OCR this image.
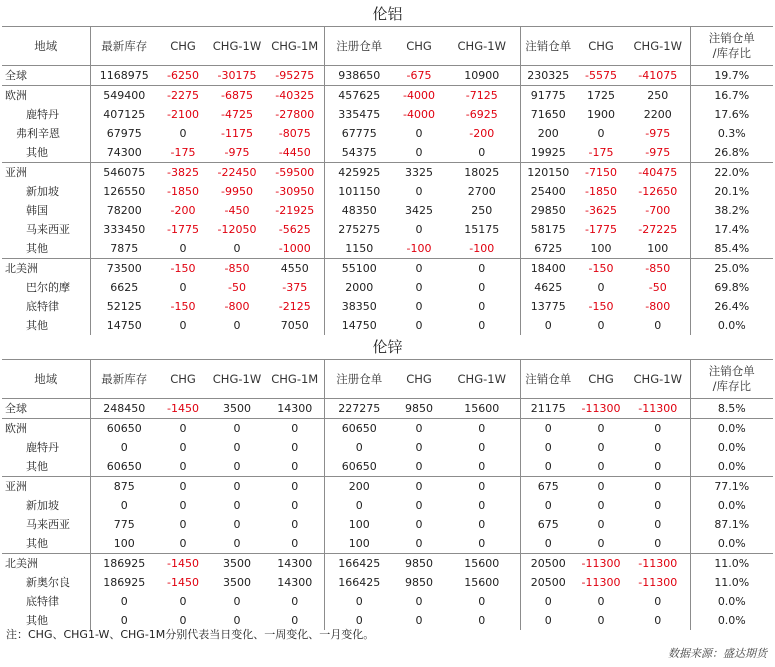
伦铝											
地域	最新库存	CHG	CHG-1W	CHG-1M	注册仓单	CHG	CHG-1W	注销仓单	CHG	CHG-1W	注销仓单
/库存比

全球	1168975	-6250	-30175	-95275	938650	-675	10900	230325	-5575	-41075	19.7%
欧洲	549400	-2275	-6875	-40325	457625	-4000	-7125	91775	1725	250	16.7%
鹿特丹	407125	-2100	-4725	-27800	335475	-4000	-6925	71650	1900	2200	17.6%
弗利辛恩	67975	0	-1175	-8075	67775	0	-200	200	0	-975	0.3%
其他	74300	-175	-975	-4450	54375	0	0	19925	-175	-975	26.8%
亚洲	546075	-3825	-22450	-59500	425925	3325	18025	120150	-7150	-40475	22.0%
新加坡	126550	-1850	-9950	-30950	101150	0	2700	25400	-1850	-12650	20.1%
韩国	78200	-200	-450	-21925	48350	3425	250	29850	-3625	-700	38.2%
马来西亚	333450	-1775	-12050	-5625	275275	0	15175	58175	-1775	-27225	17.4%
其他	7875	0	0	-1000	1150	-100	-100	6725	100	100	85.4%
北美洲	73500	-150	-850	4550	55100	0	0	18400	-150	-850	25.0%
巴尔的摩	6625	0	-50	-375	2000	0	0	4625	0	-50	69.8%
底特律	52125	-150	-800	-2125	38350	0	0	13775	-150	-800	26.4%
其他	14750	0	0	7050	14750	0	0	0	0	0	0.0%
伦锌											
地域	最新库存	CHG	CHG-1W	CHG-1M	注册仓单	CHG	CHG-1W	注销仓单	CHG	CHG-1W	注销仓单
/库存比

全球	248450	-1450	3500	14300	227275	9850	15600	21175	-11300	-11300	8.5%
欧洲	60650	0	0	0	60650	0	0	0	0	0	0.0%
鹿特丹	0	0	0	0	0	0	0	0	0	0	0.0%
其他	60650	0	0	0	60650	0	0	0	0	0	0.0%
亚洲	875	0	0	0	200	0	0	675	0	0	77.1%
新加坡	0	0	0	0	0	0	0	0	0	0	0.0%
马来西亚	775	0	0	0	100	0	0	675	0	0	87.1%
其他	100	0	0	0	100	0	0	0	0	0	0.0%
北美洲	186925	-1450	3500	14300	166425	9850	15600	20500	-11300	-11300	11.0%
新奥尔良	186925	-1450	3500	14300	166425	9850	15600	20500	-11300	-11300	11.0%
底特律	0	0	0	0	0	0	0	0	0	0	0.0%
其他	0	0	0	0	0	0	0	0	0	0	0.0%
注：CHG、CHG1-W、CHG-1M分别代表当日变化、一周变化、一月变化。
数据来源：盛达期货
